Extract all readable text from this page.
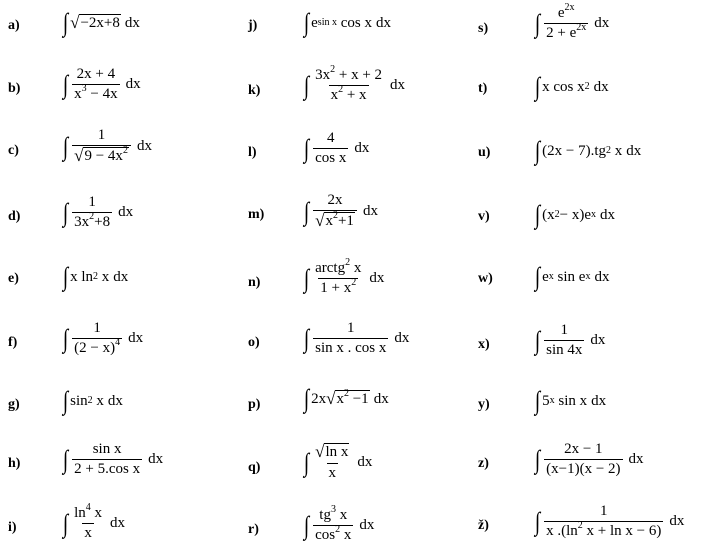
a) ∫ √ −2x+8 dx
b) ∫ $\frac{2x + 4}{x^3 - 4x}$ dx
c) ∫ $\frac{1}{√ 9 - 4x^2}$ dx
d) ∫ $\frac{1}{3x^2+8}$ dx
e) ∫ x ln 2
x dx
f) ∫ $\frac{1}{(2 - x)^4}$ dx
g) ∫ sin 2
x dx
h) ∫ $\frac{\text{sin x}}{\text{2 + 5.cos x}}$ dx
i) ∫ $\frac{\ln^4 x}{x}$ dx
j) ∫ e sin x
cos x dx
k) ∫ $\frac{3x^2 + x + 2}{x^2 + x}$ dx
l) ∫ $\frac{4}{\text{cos x}}$ dx
m) ∫ $\frac{2x}{√ x^2+1}$ dx
n) ∫ $\frac{arctg^2 x}{1 + x^2}$ dx
o) ∫ $\frac{1}{\text{sin x . cos x}}$ dx
p) ∫ 2x √ $x^2 -1$ dx
q) ∫ $\frac{\text{√ ln x}}{x}$ dx
r) ∫ $\frac{tg^3 x}{\cos^2 x}$ dx
s) ∫ $\frac{e^{2x}}{2 + e^{2x}}$ dx
t) ∫ x cos x 2 dx
u) ∫ (2x − 7).tg 2
x dx
v) ∫ (x 2 − x)e x dx
w) ∫ e x
sin e x dx
x) ∫ $\frac{1}{\sin 4x}$ dx
y) ∫ 5 x
sin x dx
z) ∫ $\frac{2x - 1}{(x-1)(x - 2)}$ dx
ž) ∫ $\frac{1}{x .(\ln^2 x + \ln x - 6)}$ dx
